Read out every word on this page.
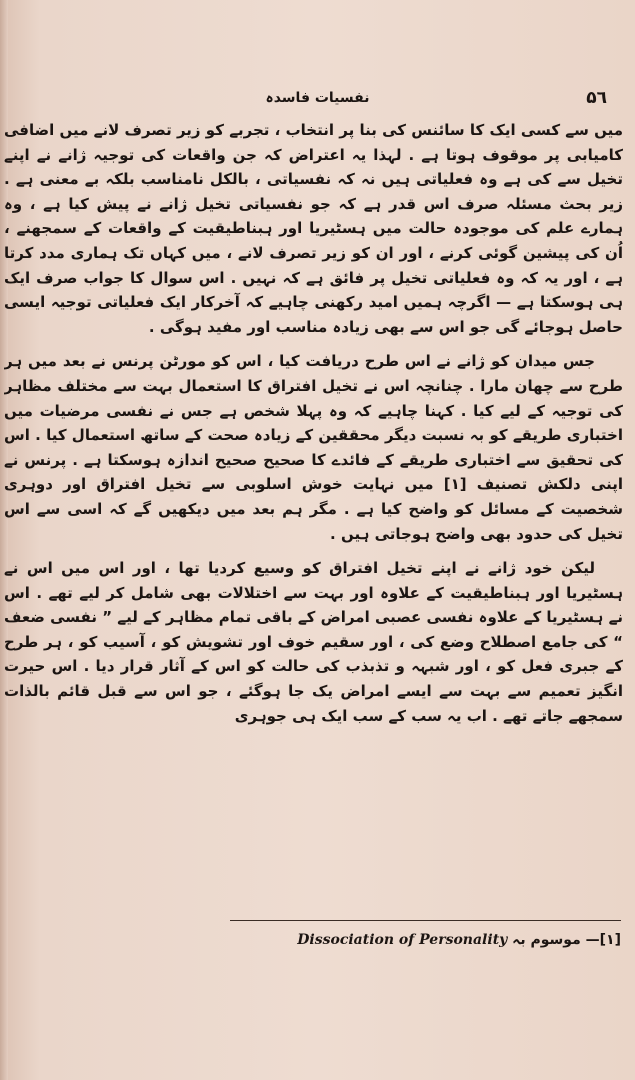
۵٦
نفسیات فاسدہ

میں سے کسی ایک کا سائنس کی بنا پر انتخاب ، تجربے کو زیر تصرف لانے میں اضافی کامیابی پر موقوف ہوتا ہے . لہذا یہ اعتراض کہ جن واقعات کی توجیہ ژانے نے اپنے تخیل سے کی ہے وہ فعلیاتی ہیں نہ کہ نفسیاتی ، بالکل نامناسب بلکہ بے معنی ہے . زیر بحث مسئلہ صرف اس قدر ہے کہ جو نفسیاتی تخیل ژانے نے پیش کیا ہے ، وہ ہمارے علم کی موجودہ حالت میں ہسٹیریا اور ہبناطیقیت کے واقعات کے سمجھنے ، اُن کی پیشین گوئی کرنے ، اور ان کو زیر تصرف لانے ، میں کہاں تک ہماری مدد کرتا ہے ، اور یہ کہ وہ فعلیاتی تخیل پر فائق ہے کہ نہیں . اس سوال کا جواب صرف ایک ہی ہوسکتا ہے — اگرچہ ہمیں امید رکھنی چاہیے کہ آخرکار ایک فعلیاتی توجیہ ایسی حاصل ہوجائے گی جو اس سے بھی زیادہ مناسب اور مفید ہوگی .

جس میدان کو ژانے نے اس طرح دریافت کیا ، اس کو مورٹن پرنس نے بعد میں ہر طرح سے چھان مارا . چنانچہ اس نے تخیل افتراق کا استعمال بہت سے مختلف مظاہر کی توجیہ کے لیے کیا . کہنا چاہیے کہ وہ پہلا شخص ہے جس نے نفسی مرضیات میں اختباری طریقے کو بہ نسبت دیگر محققین کے زیادہ صحت کے ساتھ استعمال کیا . اس کی تحقیق سے اختباری طریقے کے فائدے کا صحیح صحیح اندازہ ہوسکتا ہے . پرنس نے اپنی دلکش تصنیف [١] میں نہایت خوش اسلوبی سے تخیل افتراق اور دوہری شخصیت کے مسائل کو واضح کیا ہے . مگر ہم بعد میں دیکھیں گے کہ اسی سے اس تخیل کی حدود بھی واضح ہوجاتی ہیں .

لیکن خود ژانے نے اپنے تخیل افتراق کو وسیع کردیا تھا ، اور اس میں اس نے ہسٹیریا اور ہبناطیقیت کے علاوہ اور بہت سے اختلالات بھی شامل کر لیے تھے . اس نے ہسٹیریا کے علاوہ نفسی عصبی امراض کے باقی تمام مظاہر کے لیے ” نفسی ضعف “ کی جامع اصطلاح وضع کی ، اور سقیم خوف اور تشویش کو ، آسیب کو ، ہر طرح کے جبری فعل کو ، اور شبہہ و تذبذب کی حالت کو اس کے آثار قرار دیا . اس حیرت انگیز تعمیم سے بہت سے ایسے امراض یک جا ہوگئے ، جو اس سے قبل قائم بالذات سمجھے جاتے تھے . اب یہ سب کے سب ایک ہی جوہری

[١]— موسوم بہ Dissociation of Personality
